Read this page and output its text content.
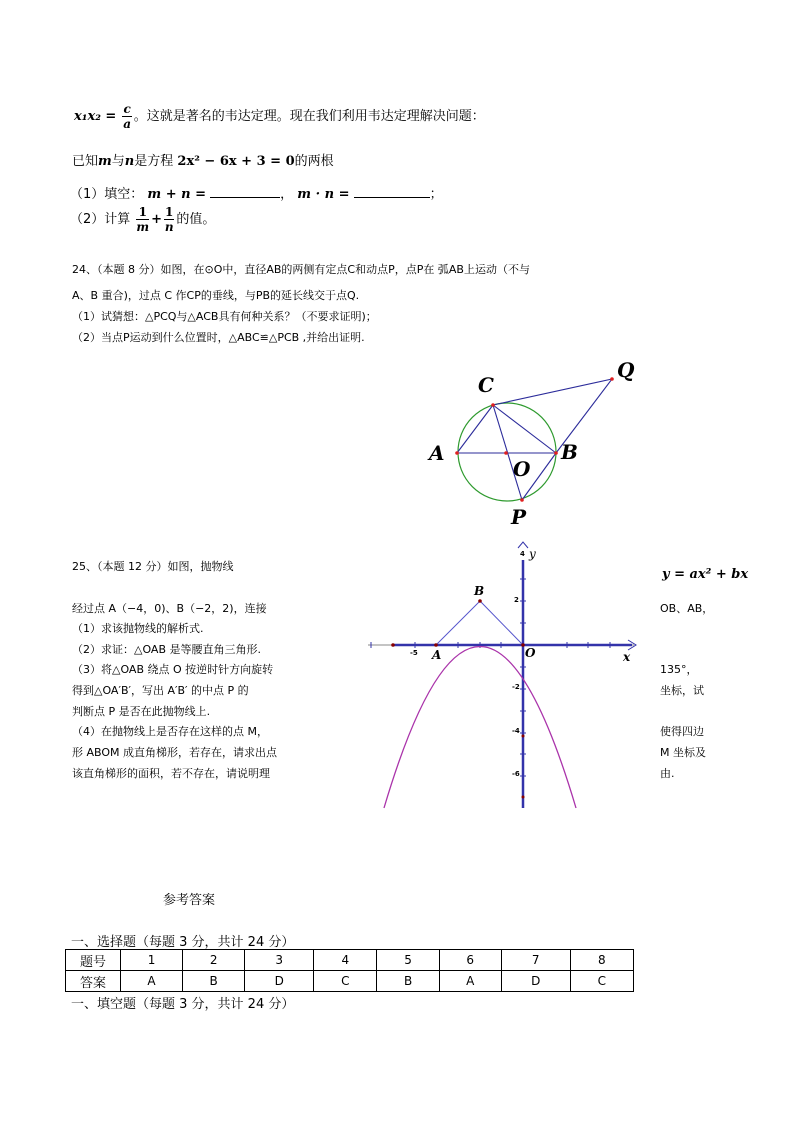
$x_1x_2 = \frac{c}{a}$ 。这就是著名的韦达定理。现在我们利用韦达定理解决问题：
已知m与n是方程 2x² − 6x + 3 = 0的两根
（1）填空： m + n =	， m · n =	；
（2）计算 $\frac{1}{m} + \frac{1}{n}$ 的值。
24、（本题 8 分）如图，在⊙O中，直径AB的两侧有定点C和动点P，点P在 弧AB上运动（不与
A、B 重合)，过点 C 作CP的垂线，与PB的延长线交于点Q.
（1）试猜想：△PCQ与△ACB具有何种关系？（不要求证明)；
（2）当点P运动到什么位置时，△ABC≌△PCB ,并给出证明.
C
Q
A	B
O
P
25、（本题 12 分）如图，抛物线
y = ax² + bx
经过点 A（−4，0)、B（−2，2)，连接	OB、AB，
（1）求该抛物线的解析式.
（2）求证：△OAB 是等腰直角三角形.
（3）将△OAB 绕点 O 按逆时针方向旋转	135°，
得到△OA′B′，写出 A′B′ 的中点 P 的	坐标，试
判断点 P 是否在此抛物线上.
（4）在抛物线上是否存在这样的点 M，	使得四边
形 ABOM 成直角梯形，若存在，请求出点	M 坐标及
该直角梯形的面积，若不存在，请说明理	由.
4
2
-2
-4
-6
-5
y
x
A
B
O
参考答案
一、选择题（每题 3 分，共计 24 分）
题号	1	2	3	4	5	6	7	8
答案	A	B	D	C	B	A	D	C
一、填空题（每题 3 分，共计 24 分）
